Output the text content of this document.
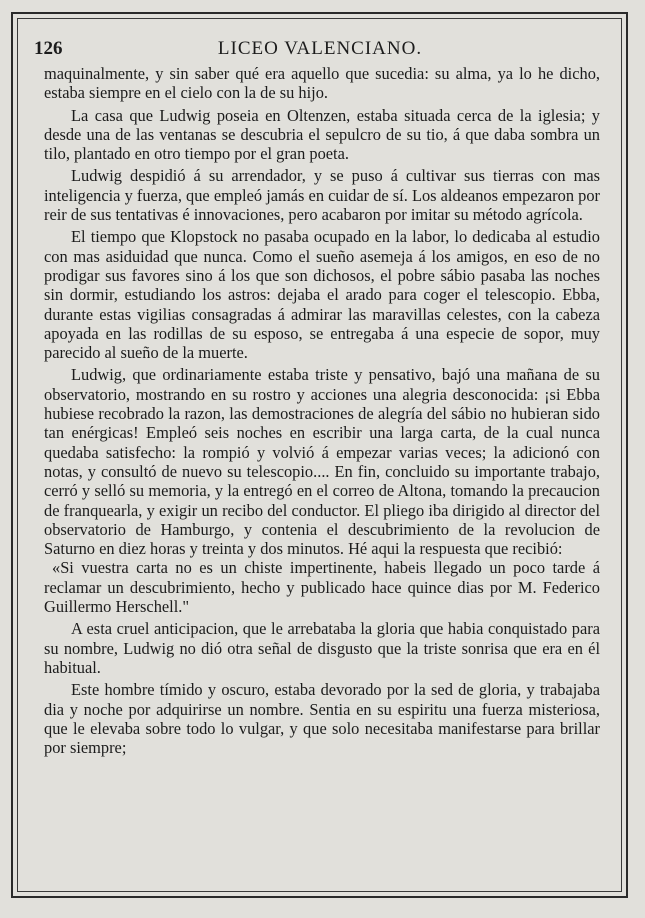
126	LICEO VALENCIANO.

maquinalmente, y sin saber qué era aquello que sucedia: su alma, ya lo he dicho, estaba siempre en el cielo con la de su hijo.

La casa que Ludwig poseia en Oltenzen, estaba situada cerca de la iglesia; y desde una de las ventanas se descubria el sepulcro de su tio, á que daba sombra un tilo, plantado en otro tiempo por el gran poeta.

Ludwig despidió á su arrendador, y se puso á cultivar sus tierras con mas inteligencia y fuerza, que empleó jamás en cuidar de sí. Los aldeanos empezaron por reir de sus tentativas é innovaciones, pero acabaron por imitar su método agrícola.

El tiempo que Klopstock no pasaba ocupado en la labor, lo dedicaba al estudio con mas asiduidad que nunca. Como el sueño asemeja á los amigos, en eso de no prodigar sus favores sino á los que son dichosos, el pobre sábio pasaba las noches sin dormir, estudiando los astros: dejaba el arado para coger el telescopio. Ebba, durante estas vigilias consagradas á admirar las maravillas celestes, con la cabeza apoyada en las rodillas de su esposo, se entregaba á una especie de sopor, muy parecido al sueño de la muerte.

Ludwig, que ordinariamente estaba triste y pensativo, bajó una mañana de su observatorio, mostrando en su rostro y acciones una alegria desconocida: ¡si Ebba hubiese recobrado la razon, las demostraciones de alegría del sábio no hubieran sido tan enérgicas! Empleó seis noches en escribir una larga carta, de la cual nunca quedaba satisfecho: la rompió y volvió á empezar varias veces; la adicionó con notas, y consultó de nuevo su telescopio.... En fin, concluido su importante trabajo, cerró y selló su memoria, y la entregó en el correo de Altona, tomando la precaucion de franquearla, y exigir un recibo del conductor. El pliego iba dirigido al director del observatorio de Hamburgo, y contenia el descubrimiento de la revolucion de Saturno en diez horas y treinta y dos minutos. Hé aqui la respuesta que recibió:

«Si vuestra carta no es un chiste impertinente, habeis llegado un poco tarde á reclamar un descubrimiento, hecho y publicado hace quince dias por M. Federico Guillermo Herschell."

A esta cruel anticipacion, que le arrebataba la gloria que habia conquistado para su nombre, Ludwig no dió otra señal de disgusto que la triste sonrisa que era en él habitual.

Este hombre tímido y oscuro, estaba devorado por la sed de gloria, y trabajaba dia y noche por adquirirse un nombre. Sentia en su espiritu una fuerza misteriosa, que le elevaba sobre todo lo vulgar, y que solo necesitaba manifestarse para brillar por siempre;
